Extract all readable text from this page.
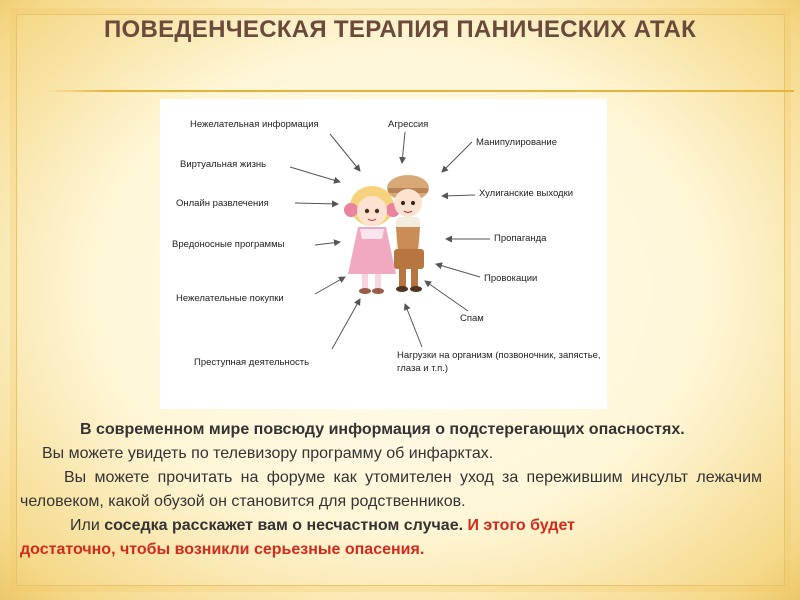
ПОВЕДЕНЧЕСКАЯ ТЕРАПИЯ ПАНИЧЕСКИХ АТАК
Нежелательная информация	Агрессия
Манипулирование
Виртуальная жизнь
Онлайн развлечения
Хулиганские выходки
Вредоносные программы
Пропаганда
Провокации
Нежелательные покупки
Спам
Преступная деятельность
Нагрузки на организм (позвоночник, запястье, глаза и т.п.)

В современном мире повсюду информация о подстерегающих опасностях.

Вы можете увидеть по телевизору программу об инфарктах.

Вы можете прочитать на форуме как утомителен уход за пережившим инсульт лежачим человеком, какой обузой он становится для родственников.

Или соседка расскажет вам о несчастном случае. И этого будет

достаточно, чтобы возникли серьезные опасения.
